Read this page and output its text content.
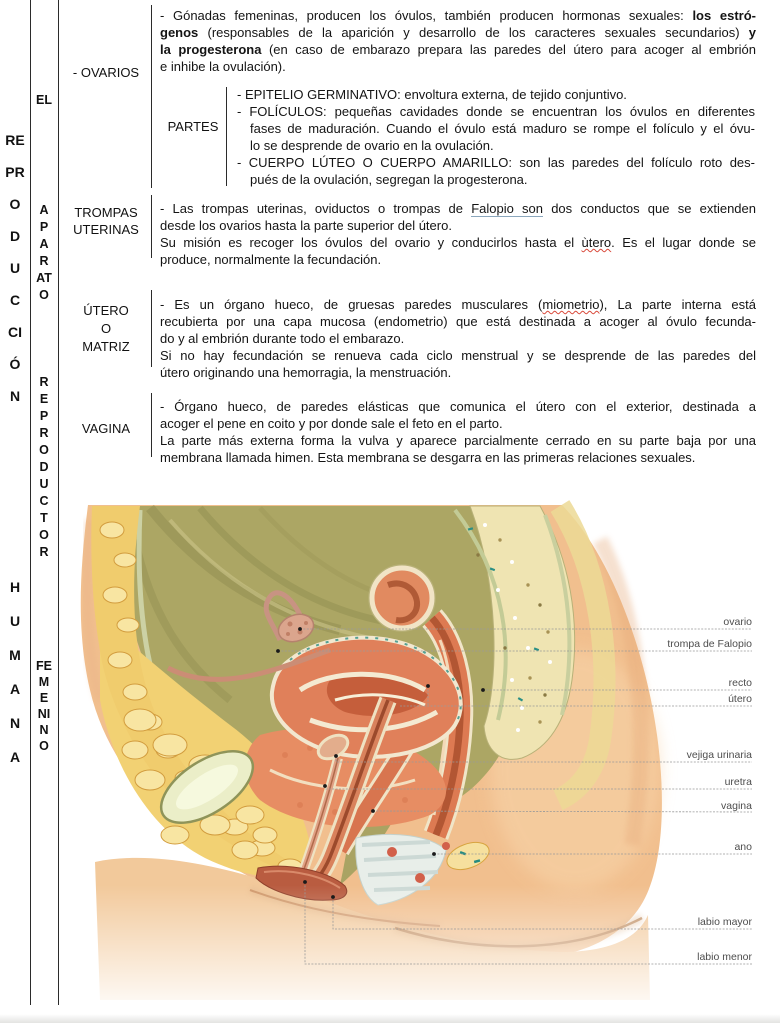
REPRODUCCIÓN
HUMANA
EL
APARATO
REPRODUCTOR
FEMENINO
- OVARIOS
PARTES
TROMPAS
UTERINAS
ÚTERO
O
MATRIZ
VAGINA
- Gónadas femeninas, producen los óvulos, también producen hormonas sexuales: los estró-
genos (responsables de la aparición y desarrollo de los caracteres sexuales secundarios) y
la progesterona (en caso de embarazo prepara las paredes del útero para acoger al embrión
e inhibe la ovulación).
- EPITELIO GERMINATIVO: envoltura externa, de tejido conjuntivo.
- FOLÍCULOS: pequeñas cavidades donde se encuentran los óvulos en diferentes
fases de maduración. Cuando el óvulo está maduro se rompe el folículo y el óvu-
lo se desprende de ovario en la ovulación.
- CUERPO LÚTEO O CUERPO AMARILLO: son las paredes del folículo roto des-
pués de la ovulación, segregan la progesterona.
- Las trompas uterinas, oviductos o trompas de Falopio son dos conductos que se extienden
desde los ovarios hasta la parte superior del útero.
Su misión es recoger los óvulos del ovario y conducirlos hasta el ùtero. Es el lugar donde se
produce, normalmente la fecundación.
- Es un órgano hueco, de gruesas paredes musculares (miometrio), La parte interna está
recubierta por una capa mucosa (endometrio) que está destinada a acoger al óvulo fecunda-
do y al embrión durante todo el embarazo.
Si no hay fecundación se renueva cada ciclo menstrual y se desprende de las paredes del
útero originando una hemorragia, la menstruación.
- Órgano hueco, de paredes elásticas que comunica el útero con el exterior, destinada a
acoger el pene en coito y por donde sale el feto en el parto.
La parte más externa forma la vulva y aparece parcialmente cerrado en su parte baja por una
membrana llamada himen. Esta membrana se desgarra en las primeras relaciones sexuales.
ovario
trompa de Falopio
recto
útero
vejiga urinaria
uretra
vagina
ano
labio mayor
labio menor
